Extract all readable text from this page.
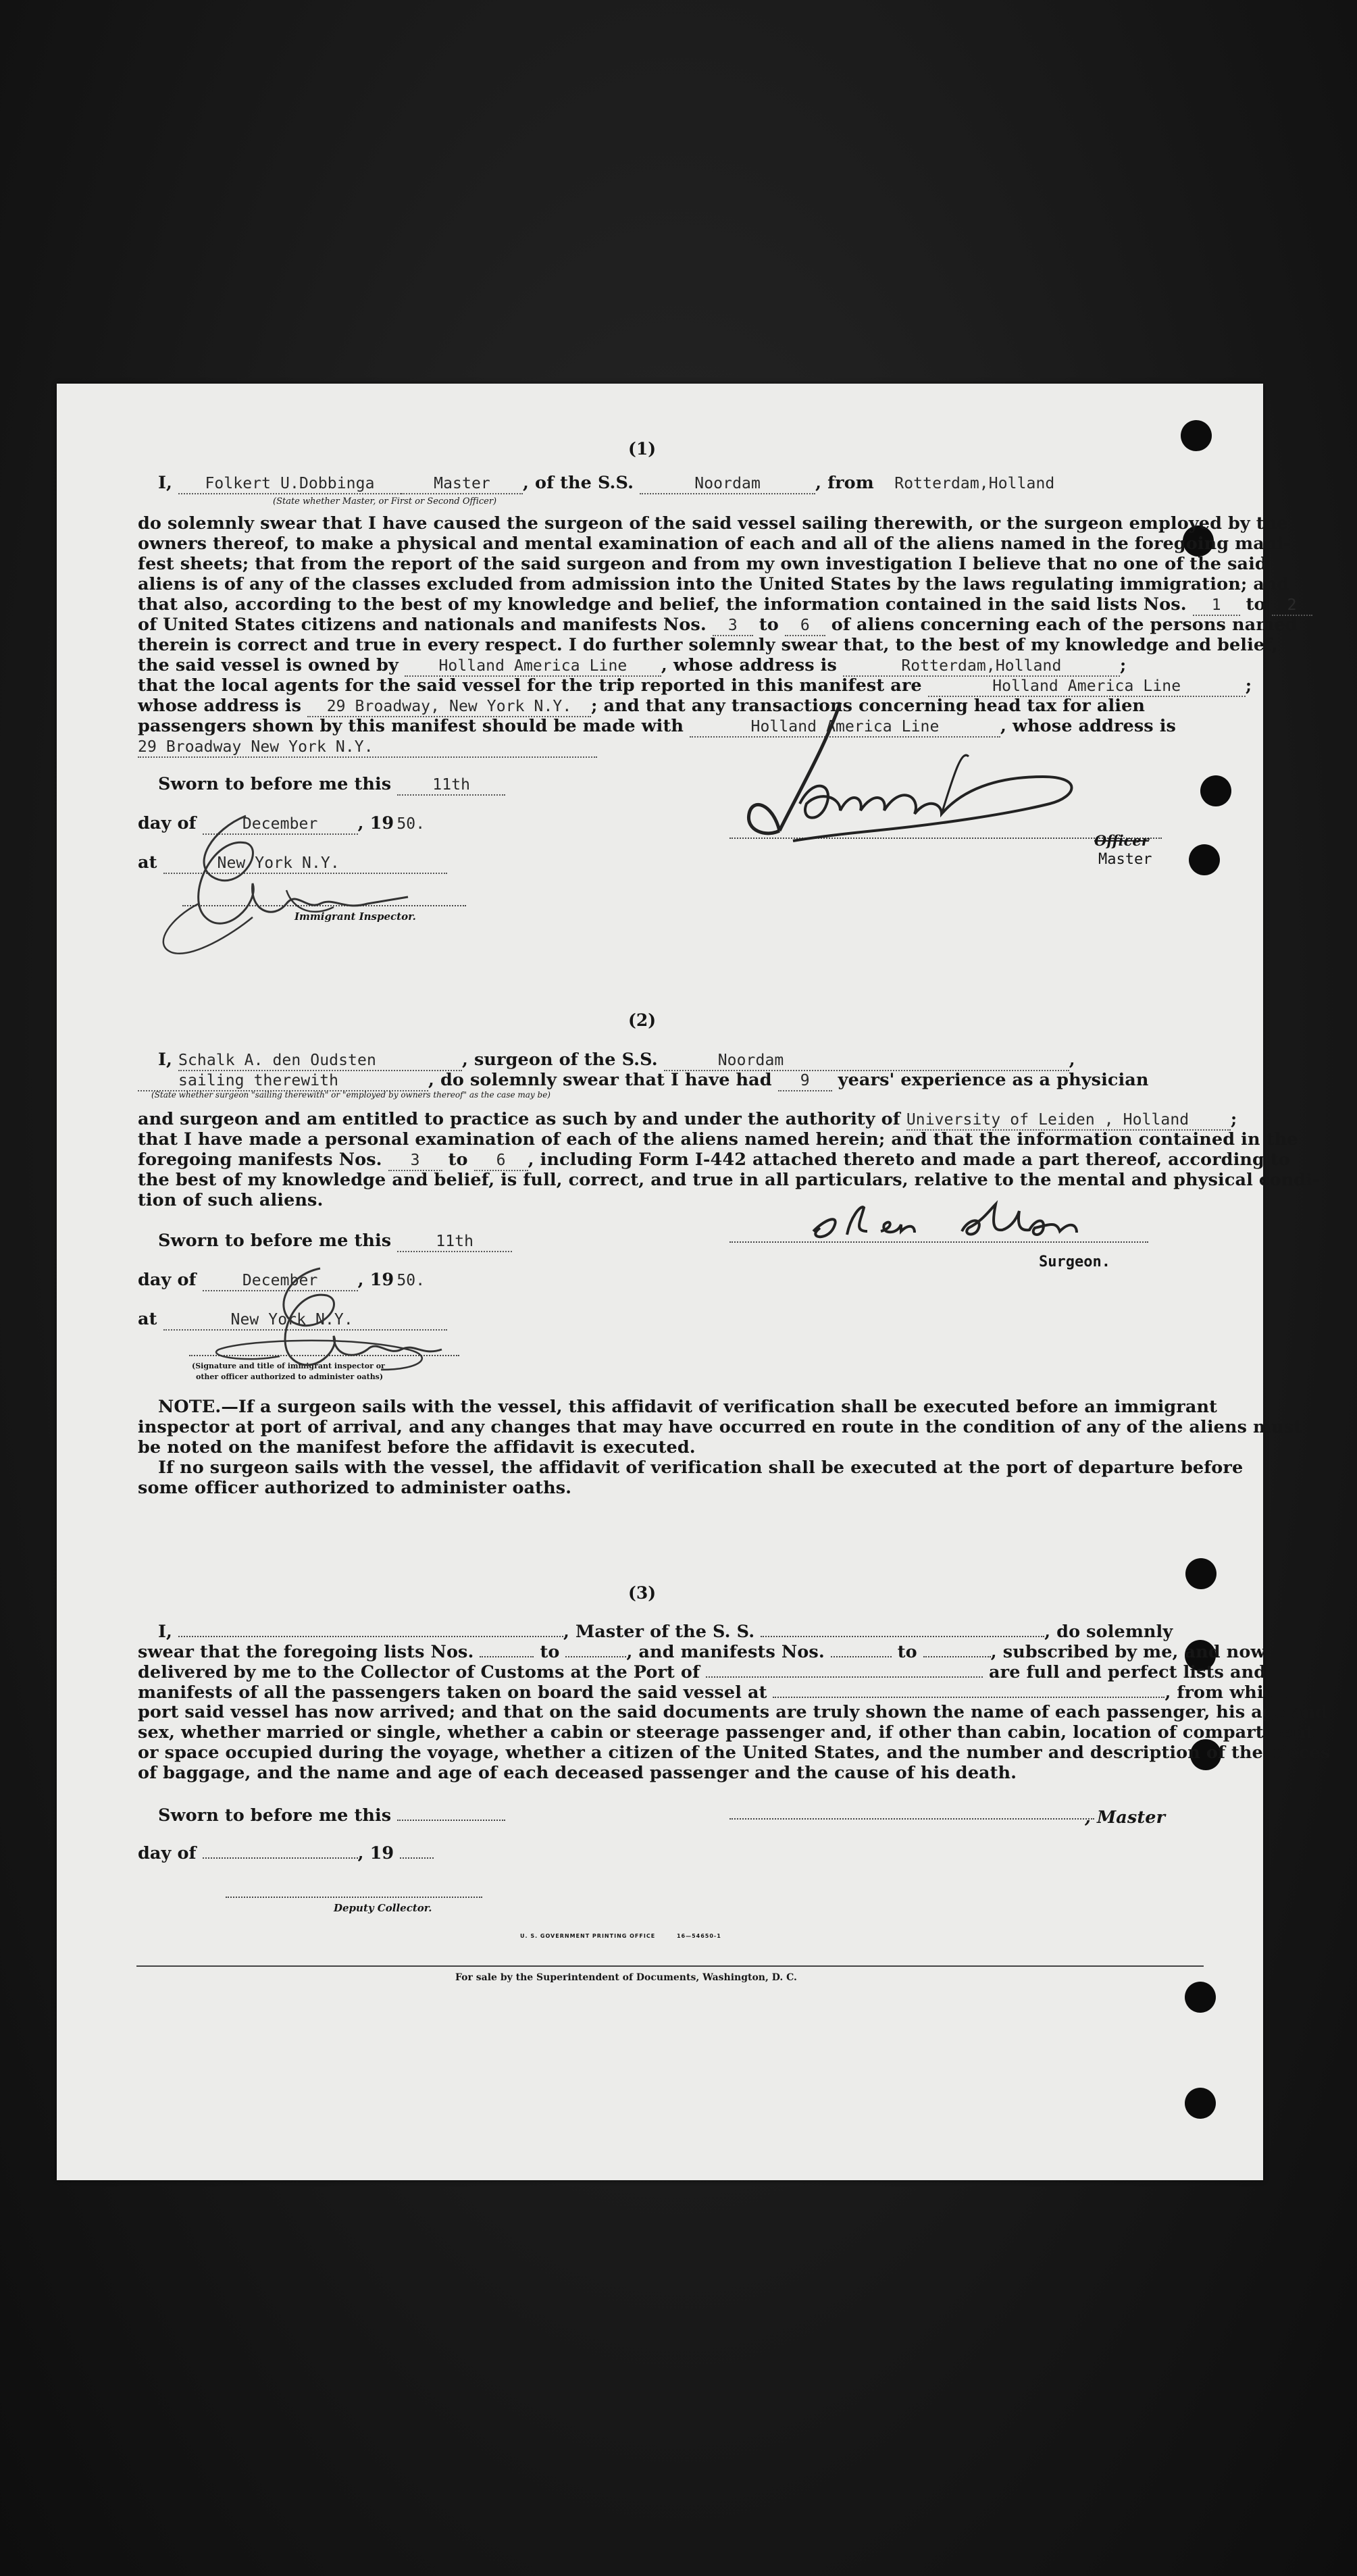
(1)
I, Folkert U.Dobbinga	Master , of the S.S.	Noordam	, from Rotterdam,Holland
(State whether Master, or First or Second Officer)
do solemnly swear that I have caused the surgeon of the said vessel sailing therewith, or the surgeon employed by the
owners thereof, to make a physical and mental examination of each and all of the aliens named in the foregoing mani-
fest sheets; that from the report of the said surgeon and from my own investigation I believe that no one of the said
aliens is of any of the classes excluded from admission into the United States by the laws regulating immigration; and
that also, according to the best of my knowledge and belief, the information contained in the said lists Nos. 1 to 2
of United States citizens and nationals and manifests Nos. 3 to 6 of aliens concerning each of the persons named
therein is correct and true in every respect. I do further solemnly swear that, to the best of my knowledge and belief,
the said vessel is owned by	Holland America Line , whose address is	Rotterdam,Holland	;
that the local agents for the said vessel for the trip reported in this manifest are	Holland America Line	;
whose address is 29 Broadway, New York N.Y. ; and that any transactions concerning head tax for alien
passengers shown by this manifest should be made with	Holland America Line	, whose address is
29 Broadway New York N.Y.
Sworn to before me this	11th
day of	December , 19 50.
at	New York N.Y.
Immigrant Inspector.
Officer
Master
(2)
I, Schalk A. den Oudsten	, surgeon of the S.S.	Noordam	,
sailing therewith	, do solemnly swear that I have had 9 years' experience as a physician
(State whether surgeon "sailing therewith" or "employed by owners thereof" as the case may be)
and surgeon and am entitled to practice as such by and under the authority of University of Leiden , Holland ;
that I have made a personal examination of each of the aliens named herein; and that the information contained in the
foregoing manifests Nos. 3 to 6 , including Form I-442 attached thereto and made a part thereof, according to
the best of my knowledge and belief, is full, correct, and true in all particulars, relative to the mental and physical condi-
tion of such aliens.
Sworn to before me this	11th
day of	December , 19 50.
at	New York N.Y.
(Signature and title of immigrant inspector or
other officer authorized to administer oaths)
Surgeon.
NOTE.—If a surgeon sails with the vessel, this affidavit of verification shall be executed before an immigrant
inspector at port of arrival, and any changes that may have occurred en route in the condition of any of the aliens must
be noted on the manifest before the affidavit is executed.
If no surgeon sails with the vessel, the affidavit of verification shall be executed at the port of departure before
some officer authorized to administer oaths.
(3)
I,	, Master of the S. S.	, do solemnly
swear that the foregoing lists Nos.	to	, and manifests Nos.	to	, subscribed by me, and now
delivered by me to the Collector of Customs at the Port of	are full and perfect lists and
manifests of all the passengers taken on board the said vessel at	, from which
port said vessel has now arrived; and that on the said documents are truly shown the name of each passenger, his age and
sex, whether married or single, whether a cabin or steerage passenger and, if other than cabin, location of compartment
or space occupied during the voyage, whether a citizen of the United States, and the number and description of the pieces
of baggage, and the name and age of each deceased passenger and the cause of his death.
Sworn to before me this	, Master
day of	, 19
Deputy Collector.
U. S. GOVERNMENT PRINTING OFFICE	16—54650-1
For sale by the Superintendent of Documents, Washington, D. C.
